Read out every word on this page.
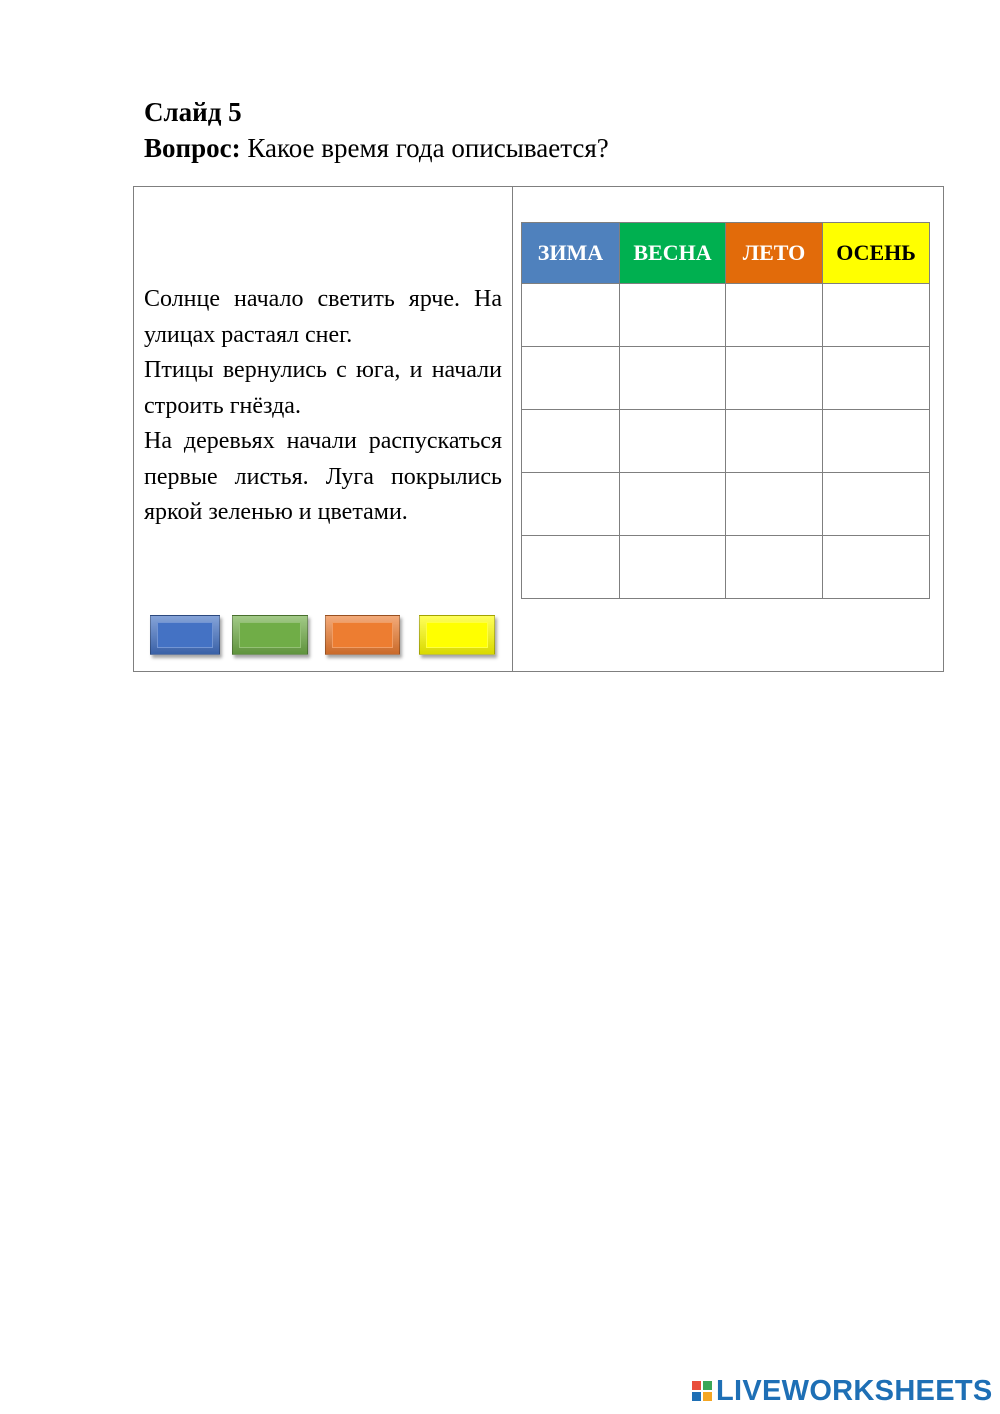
Слайд 5
Вопрос: Какое время года описывается?

Солнце начало светить ярче. На улицах растаял снег.

Птицы вернулись с юга, и начали строить гнёзда.

На деревьях начали распускаться первые листья. Луга покрылись яркой зеленью и цветами.

ЗИМА	ВЕСНА	ЛЕТО	ОСЕНЬ

LIVEWORKSHEETS
